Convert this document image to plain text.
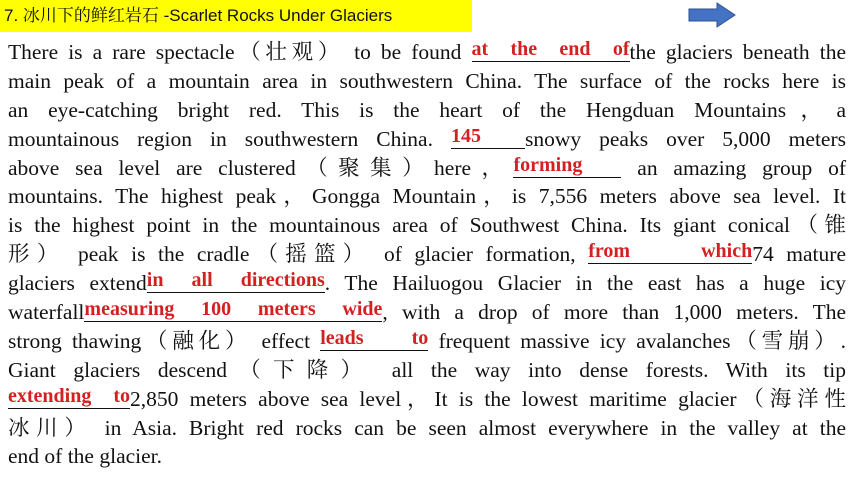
7. 冰川下的鲜红岩石 -Scarlet Rocks Under Glaciers
There is a rare spectacle（壮观） to be found at the end of the glaciers beneath the
main peak of a mountain area in southwestern China. The surface of the rocks here is
an eye-catching bright red. This is the heart of the Hengduan Mountains，a
mountainous region in southwestern China. 145	snowy peaks over 5,000 meters
above sea level are clustered（聚集）here， forming	an amazing group of
mountains. The highest peak，Gongga Mountain，is 7,556 meters above sea level. It
is the highest point in the mountainous area of Southwest China. Its giant conical（锥
形） peak is the cradle（摇篮） of glacier formation, from which 74 mature
glaciers extend in all directions . The Hailuogou Glacier in the east has a huge icy
waterfall measuring 100 meters wide , with a drop of more than 1,000 meters. The
strong thawing（融化） effect leads to frequent massive icy avalanches（雪崩）.
Giant glaciers descend（下降） all the way into dense forests. With its tip
extending to 2,850 meters above sea level，It is the lowest maritime glacier（海洋性
冰川） in Asia. Bright red rocks can be seen almost everywhere in the valley at the
end of the glacier.
